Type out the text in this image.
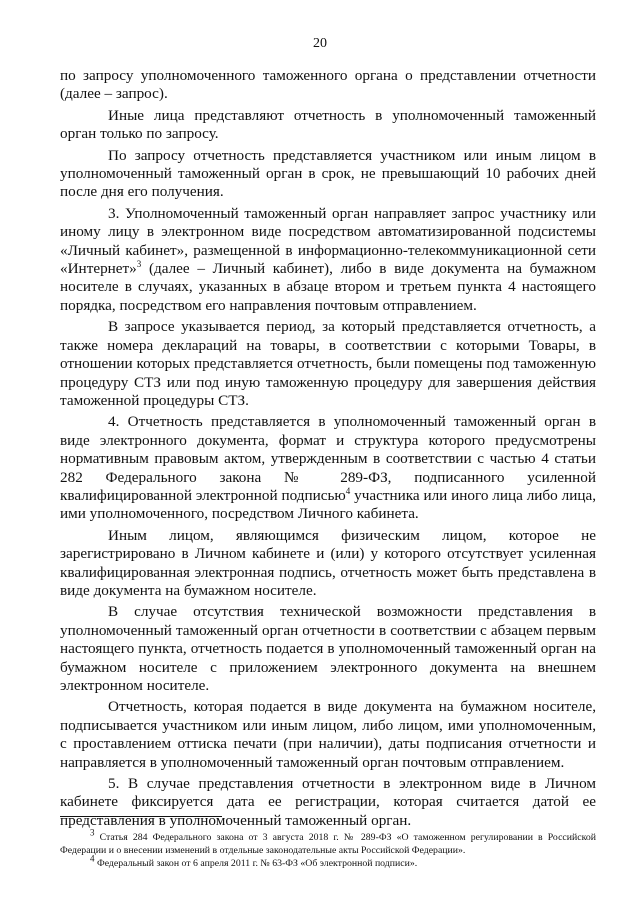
20

по запросу уполномоченного таможенного органа о представлении отчетности (далее – запрос).

Иные лица представляют отчетность в уполномоченный таможенный орган только по запросу.

По запросу отчетность представляется участником или иным лицом в уполномоченный таможенный орган в срок, не превышающий 10 рабочих дней после дня его получения.

3. Уполномоченный таможенный орган направляет запрос участнику или иному лицу в электронном виде посредством автоматизированной подсистемы «Личный кабинет», размещенной в информационно-телекоммуникационной сети «Интернет»$^3$ (далее – Личный кабинет), либо в виде документа на бумажном носителе в случаях, указанных в абзаце втором и третьем пункта 4 настоящего порядка, посредством его направления почтовым отправлением.

В запросе указывается период, за который представляется отчетность, а также номера деклараций на товары, в соответствии с которыми Товары, в отношении которых представляется отчетность, были помещены под таможенную процедуру СТЗ или под иную таможенную процедуру для завершения действия таможенной процедуры СТЗ.

4. Отчетность представляется в уполномоченный таможенный орган в виде электронного документа, формат и структура которого предусмотрены нормативным правовым актом, утвержденным в соответствии с частью 4 статьи 282 Федерального закона № 289-ФЗ, подписанного усиленной квалифицированной электронной подписью$^4$ участника или иного лица либо лица, ими уполномоченного, посредством Личного кабинета.

Иным лицом, являющимся физическим лицом, которое не зарегистрировано в Личном кабинете и (или) у которого отсутствует усиленная квалифицированная электронная подпись, отчетность может быть представлена в виде документа на бумажном носителе.

В случае отсутствия технической возможности представления в уполномоченный таможенный орган отчетности в соответствии с абзацем первым настоящего пункта, отчетность подается в уполномоченный таможенный орган на бумажном носителе с приложением электронного документа на внешнем электронном носителе.

Отчетность, которая подается в виде документа на бумажном носителе, подписывается участником или иным лицом, либо лицом, ими уполномоченным, с проставлением оттиска печати (при наличии), даты подписания отчетности и направляется в уполномоченный таможенный орган почтовым отправлением.

5. В случае представления отчетности в электронном виде в Личном кабинете фиксируется дата ее регистрации, которая считается датой ее представления в уполномоченный таможенный орган.

$^3$ Статья 284 Федерального закона от 3 августа 2018 г. № 289-ФЗ «О таможенном регулировании в Российской Федерации и о внесении изменений в отдельные законодательные акты Российской Федерации».

$^4$ Федеральный закон от 6 апреля 2011 г. № 63-ФЗ «Об электронной подписи».
